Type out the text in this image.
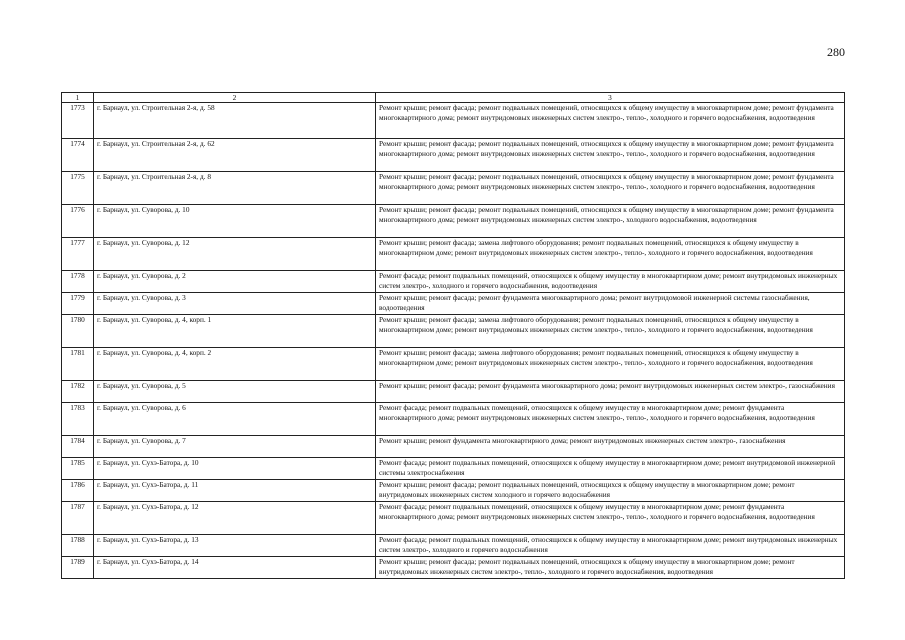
280
1	2	3
1773	г. Барнаул, ул. Строительная 2-я, д. 58	Ремонт крыши; ремонт фасада; ремонт подвальных помещений, относящихся к общему имуществу в многоквартирном доме; ремонт фундамента многоквартирного дома; ремонт внутридомовых инженерных систем электро-, тепло-, холодного и горячего водоснабжения, водоотведения
1774	г. Барнаул, ул. Строительная 2-я, д. 62	Ремонт крыши; ремонт фасада; ремонт подвальных помещений, относящихся к общему имуществу в многоквартирном доме; ремонт фундамента многоквартирного дома; ремонт внутридомовых инженерных систем электро-, тепло-, холодного и горячего водоснабжения, водоотведения
1775	г. Барнаул, ул. Строительная 2-я, д. 8	Ремонт крыши; ремонт фасада; ремонт подвальных помещений, относящихся к общему имуществу в многоквартирном доме; ремонт фундамента многоквартирного дома; ремонт внутридомовых инженерных систем электро-, тепло-, холодного и горячего водоснабжения, водоотведения
1776	г. Барнаул, ул. Суворова, д. 10	Ремонт крыши; ремонт фасада; ремонт подвальных помещений, относящихся к общему имуществу в многоквартирном доме; ремонт фундамента многоквартирного дома; ремонт внутридомовых инженерных систем электро-, холодного водоснабжения, водоотведения
1777	г. Барнаул, ул. Суворова, д. 12	Ремонт крыши; ремонт фасада; замена лифтового оборудования; ремонт подвальных помещений, относящихся к общему имуществу в многоквартирном доме; ремонт внутридомовых инженерных систем электро-, тепло-, холодного и горячего водоснабжения, водоотведения
1778	г. Барнаул, ул. Суворова, д. 2	Ремонт фасада; ремонт подвальных помещений, относящихся к общему имуществу в многоквартирном доме; ремонт внутридомовых инженерных систем электро-, холодного и горячего водоснабжения, водоотведения
1779	г. Барнаул, ул. Суворова, д. 3	Ремонт крыши; ремонт фасада; ремонт фундамента многоквартирного дома; ремонт внутридомовой инженерной системы газоснабжения, водоотведения
1780	г. Барнаул, ул. Суворова, д. 4, корп. 1	Ремонт крыши; ремонт фасада; замена лифтового оборудования; ремонт подвальных помещений, относящихся к общему имуществу в многоквартирном доме; ремонт внутридомовых инженерных систем электро-, тепло-, холодного и горячего водоснабжения, водоотведения
1781	г. Барнаул, ул. Суворова, д. 4, корп. 2	Ремонт крыши; ремонт фасада; замена лифтового оборудования; ремонт подвальных помещений, относящихся к общему имуществу в многоквартирном доме; ремонт внутридомовых инженерных систем электро-, тепло-, холодного и горячего водоснабжения, водоотведения
1782	г. Барнаул, ул. Суворова, д. 5	Ремонт крыши; ремонт фасада; ремонт фундамента многоквартирного дома; ремонт внутридомовых инженерных систем электро-, газоснабжения
1783	г. Барнаул, ул. Суворова, д. 6	Ремонт фасада; ремонт подвальных помещений, относящихся к общему имуществу в многоквартирном доме; ремонт фундамента многоквартирного дома; ремонт внутридомовых инженерных систем электро-, тепло-, холодного и горячего водоснабжения, водоотведения
1784	г. Барнаул, ул. Суворова, д. 7	Ремонт крыши; ремонт фундамента многоквартирного дома; ремонт внутридомовых инженерных систем электро-, газоснабжения
1785	г. Барнаул, ул. Сухэ-Батора, д. 10	Ремонт фасада; ремонт подвальных помещений, относящихся к общему имуществу в многоквартирном доме; ремонт внутридомовой инженерной системы электроснабжения
1786	г. Барнаул, ул. Сухэ-Батора, д. 11	Ремонт крыши; ремонт фасада; ремонт подвальных помещений, относящихся к общему имуществу в многоквартирном доме; ремонт внутридомовых инженерных систем холодного и горячего водоснабжения
1787	г. Барнаул, ул. Сухэ-Батора, д. 12	Ремонт фасада; ремонт подвальных помещений, относящихся к общему имуществу в многоквартирном доме; ремонт фундамента многоквартирного дома; ремонт внутридомовых инженерных систем электро-, тепло-, холодного и горячего водоснабжения, водоотведения
1788	г. Барнаул, ул. Сухэ-Батора, д. 13	Ремонт фасада; ремонт подвальных помещений, относящихся к общему имуществу в многоквартирном доме; ремонт внутридомовых инженерных систем электро-, холодного и горячего водоснабжения
1789	г. Барнаул, ул. Сухэ-Батора, д. 14	Ремонт крыши; ремонт фасада; ремонт подвальных помещений, относящихся к общему имуществу в многоквартирном доме; ремонт внутридомовых инженерных систем электро-, тепло-, холодного и горячего водоснабжения, водоотведения
